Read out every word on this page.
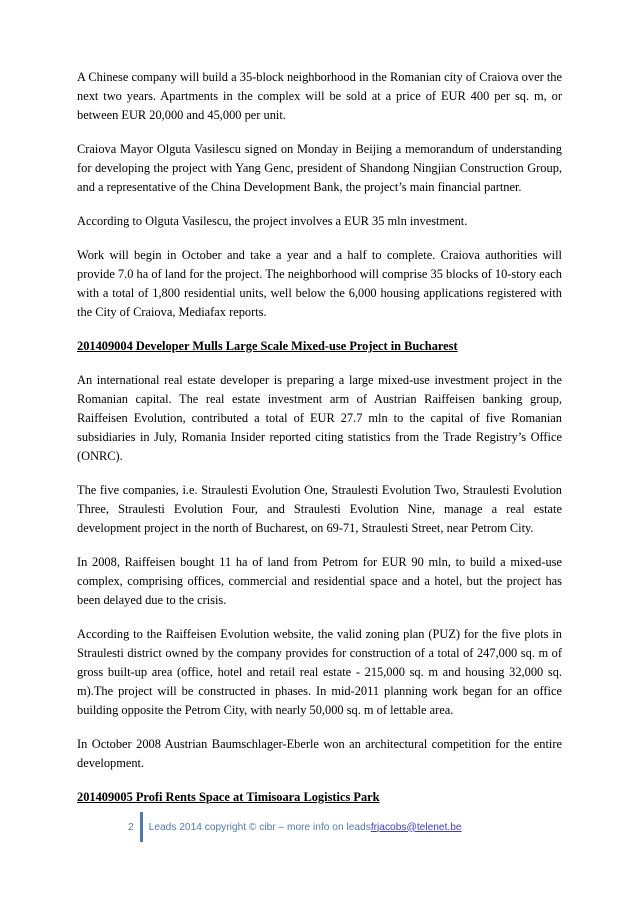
A Chinese company will build a 35-block neighborhood in the Romanian city of Craiova over the next two years. Apartments in the complex will be sold at a price of EUR 400 per sq. m, or between EUR 20,000 and 45,000 per unit.

Craiova Mayor Olguta Vasilescu signed on Monday in Beijing a memorandum of understanding for developing the project with Yang Genc, president of Shandong Ningjian Construction Group, and a representative of the China Development Bank, the project’s main financial partner.

According to Olguta Vasilescu, the project involves a EUR 35 mln investment.

Work will begin in October and take a year and a half to complete. Craiova authorities will provide 7.0 ha of land for the project. The neighborhood will comprise 35 blocks of 10-story each with a total of 1,800 residential units, well below the 6,000 housing applications registered with the City of Craiova, Mediafax reports.

201409004 Developer Mulls Large Scale Mixed-use Project in Bucharest

An international real estate developer is preparing a large mixed-use investment project in the Romanian capital. The real estate investment arm of Austrian Raiffeisen banking group, Raiffeisen Evolution, contributed a total of EUR 27.7 mln to the capital of five Romanian subsidiaries in July, Romania Insider reported citing statistics from the Trade Registry’s Office (ONRC).

The five companies, i.e. Straulesti Evolution One, Straulesti Evolution Two, Straulesti Evolution Three, Straulesti Evolution Four, and Straulesti Evolution Nine, manage a real estate development project in the north of Bucharest, on 69-71, Straulesti Street, near Petrom City.

In 2008, Raiffeisen bought 11 ha of land from Petrom for EUR 90 mln, to build a mixed-use complex, comprising offices, commercial and residential space and a hotel, but the project has been delayed due to the crisis.

According to the Raiffeisen Evolution website, the valid zoning plan (PUZ) for the five plots in Straulesti district owned by the company provides for construction of a total of 247,000 sq. m of gross built-up area (office, hotel and retail real estate - 215,000 sq. m and housing 32,000 sq. m).The project will be constructed in phases. In mid-2011 planning work began for an office building opposite the Petrom City, with nearly 50,000 sq. m of lettable area.

In October 2008 Austrian Baumschlager-Eberle won an architectural competition for the entire development.

201409005 Profi Rents Space at Timisoara Logistics Park
2 Leads 2014 copyright © cibr – more info on leads frjacobs@telenet.be
